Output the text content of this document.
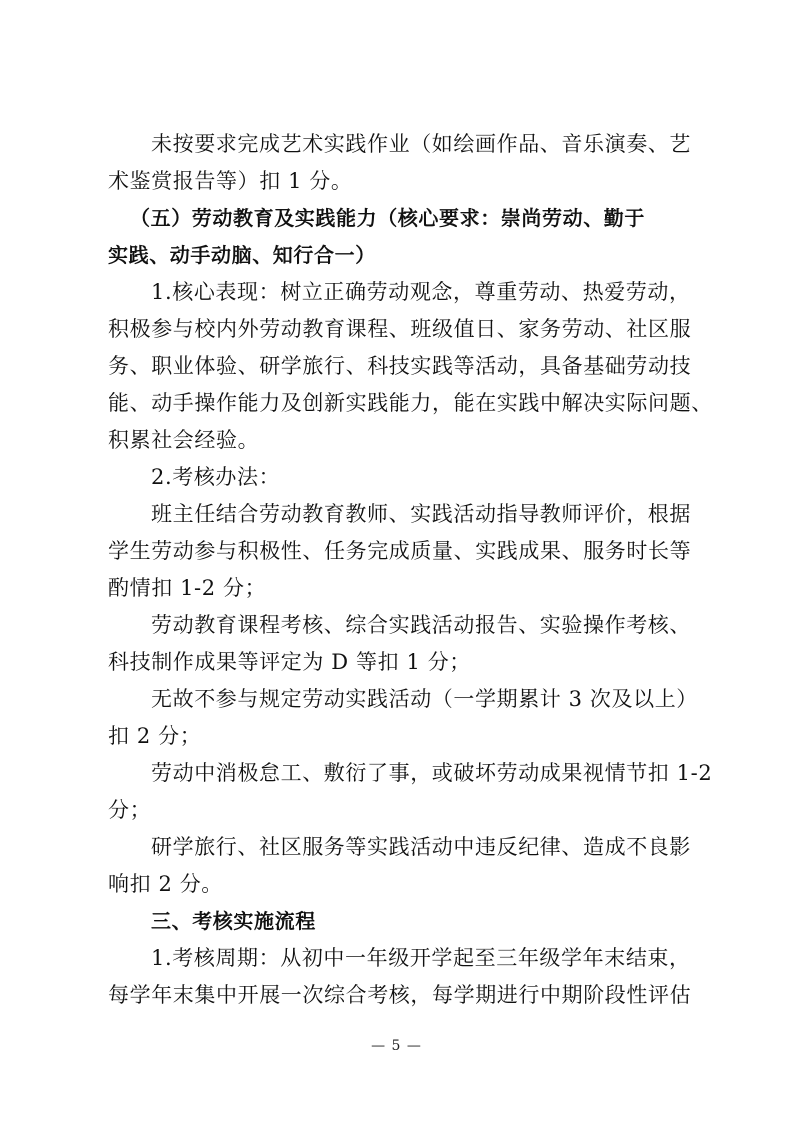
未按要求完成艺术实践作业（如绘画作品、音乐演奏、艺
术鉴赏报告等）扣 1 分。
（五）劳动教育及实践能力（核心要求：崇尚劳动、勤于
实践、动手动脑、知行合一）
1.核心表现：树立正确劳动观念，尊重劳动、热爱劳动，
积极参与校内外劳动教育课程、班级值日、家务劳动、社区服
务、职业体验、研学旅行、科技实践等活动，具备基础劳动技
能、动手操作能力及创新实践能力，能在实践中解决实际问题、
积累社会经验。
2.考核办法：
班主任结合劳动教育教师、实践活动指导教师评价，根据
学生劳动参与积极性、任务完成质量、实践成果、服务时长等
酌情扣 1-2 分；
劳动教育课程考核、综合实践活动报告、实验操作考核、
科技制作成果等评定为 D 等扣 1 分；
无故不参与规定劳动实践活动（一学期累计 3 次及以上）
扣 2 分；
劳动中消极怠工、敷衍了事，或破坏劳动成果视情节扣 1-2
分；
研学旅行、社区服务等实践活动中违反纪律、造成不良影
响扣 2 分。
三、考核实施流程
1.考核周期：从初中一年级开学起至三年级学年末结束，
每学年末集中开展一次综合考核，每学期进行中期阶段性评估
— 5 —
